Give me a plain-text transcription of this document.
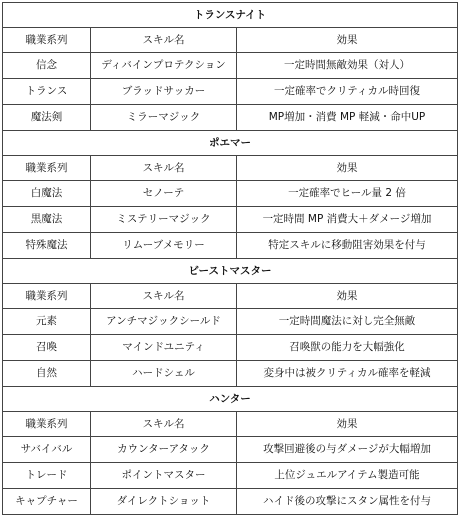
トランスナイト		
職業系列	スキル名	効果
信念	ディバインプロテクション	一定時間無敵効果（対人）
トランス	ブラッドサッカー	一定確率でクリティカル時回復
魔法剣	ミラーマジック	MP増加・消費 MP 軽減・命中UP
ポエマー		
職業系列	スキル名	効果
白魔法	セノーテ	一定確率でヒール量 2 倍
黒魔法	ミステリーマジック	一定時間 MP 消費大＋ダメージ増加
特殊魔法	リムーブメモリー	特定スキルに移動阻害効果を付与
ビーストマスター		
職業系列	スキル名	効果
元素	アンチマジックシールド	一定時間魔法に対し完全無敵
召喚	マインドユニティ	召喚獣の能力を大幅強化
自然	ハードシェル	変身中は被クリティカル確率を軽減
ハンター		
職業系列	スキル名	効果
サバイバル	カウンターアタック	攻撃回避後の与ダメージが大幅増加
トレード	ポイントマスター	上位ジュエルアイテム製造可能
キャプチャー	ダイレクトショット	ハイド後の攻撃にスタン属性を付与
